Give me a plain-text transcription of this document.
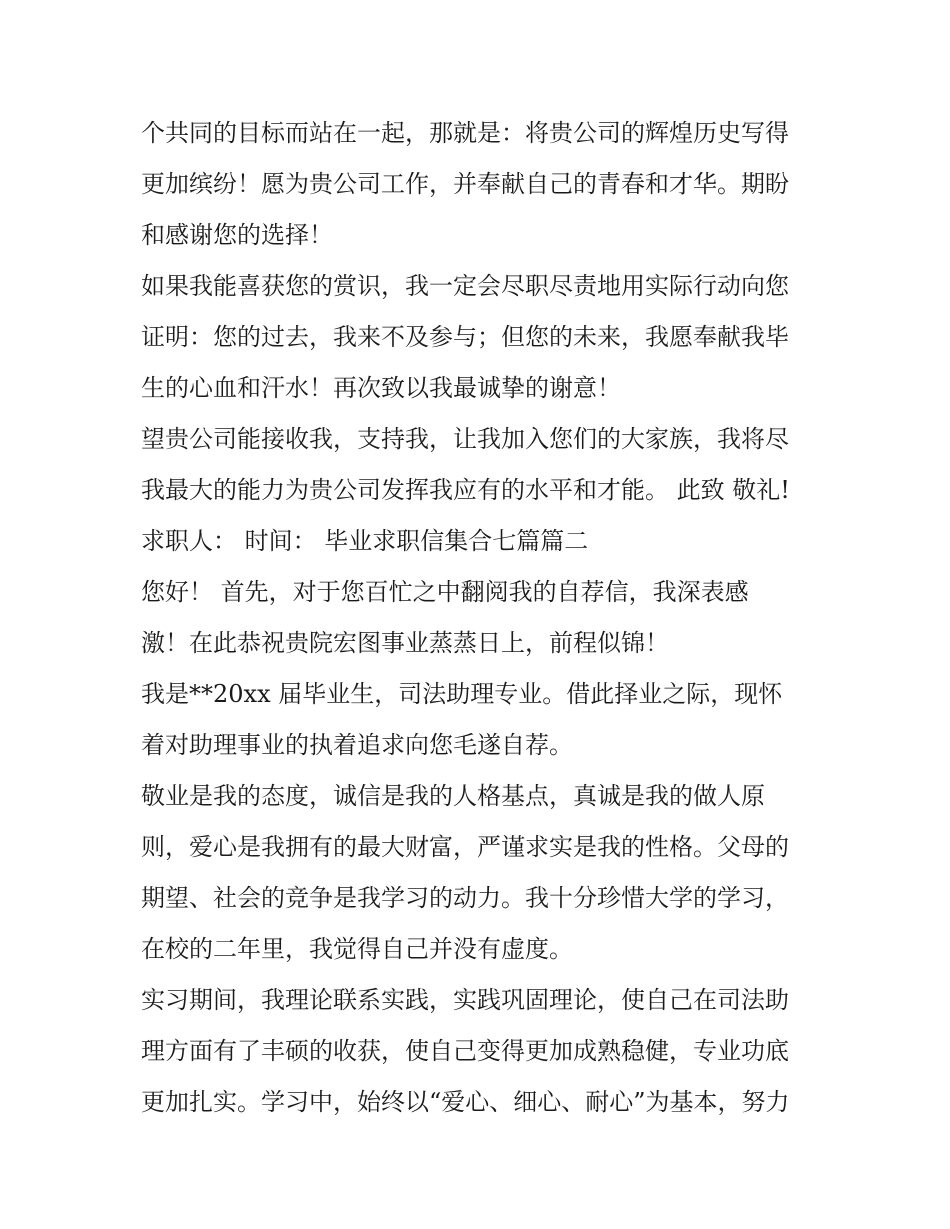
个共同的目标而站在一起，那就是：将贵公司的辉煌历史写得
更加缤纷！愿为贵公司工作，并奉献自己的青春和才华。期盼
和感谢您的选择！
如果我能喜获您的赏识，我一定会尽职尽责地用实际行动向您
证明：您的过去，我来不及参与；但您的未来，我愿奉献我毕
生的心血和汗水！再次致以我最诚挚的谢意！
望贵公司能接收我，支持我，让我加入您们的大家族，我将尽
我最大的能力为贵公司发挥我应有的水平和才能。 此致 敬礼!
求职人： 时间： 毕业求职信集合七篇篇二
您好！ 首先，对于您百忙之中翻阅我的自荐信，我深表感
激！在此恭祝贵院宏图事业蒸蒸日上，前程似锦！
我是**20xx 届毕业生，司法助理专业。借此择业之际，现怀
着对助理事业的执着追求向您毛遂自荐。
敬业是我的态度，诚信是我的人格基点，真诚是我的做人原
则，爱心是我拥有的最大财富，严谨求实是我的性格。父母的
期望、社会的竞争是我学习的动力。我十分珍惜大学的学习，
在校的二年里，我觉得自己并没有虚度。
实习期间，我理论联系实践，实践巩固理论，使自己在司法助
理方面有了丰硕的收获，使自己变得更加成熟稳健，专业功底
更加扎实。学习中，始终以“爱心、细心、耐心”为基本，努力
